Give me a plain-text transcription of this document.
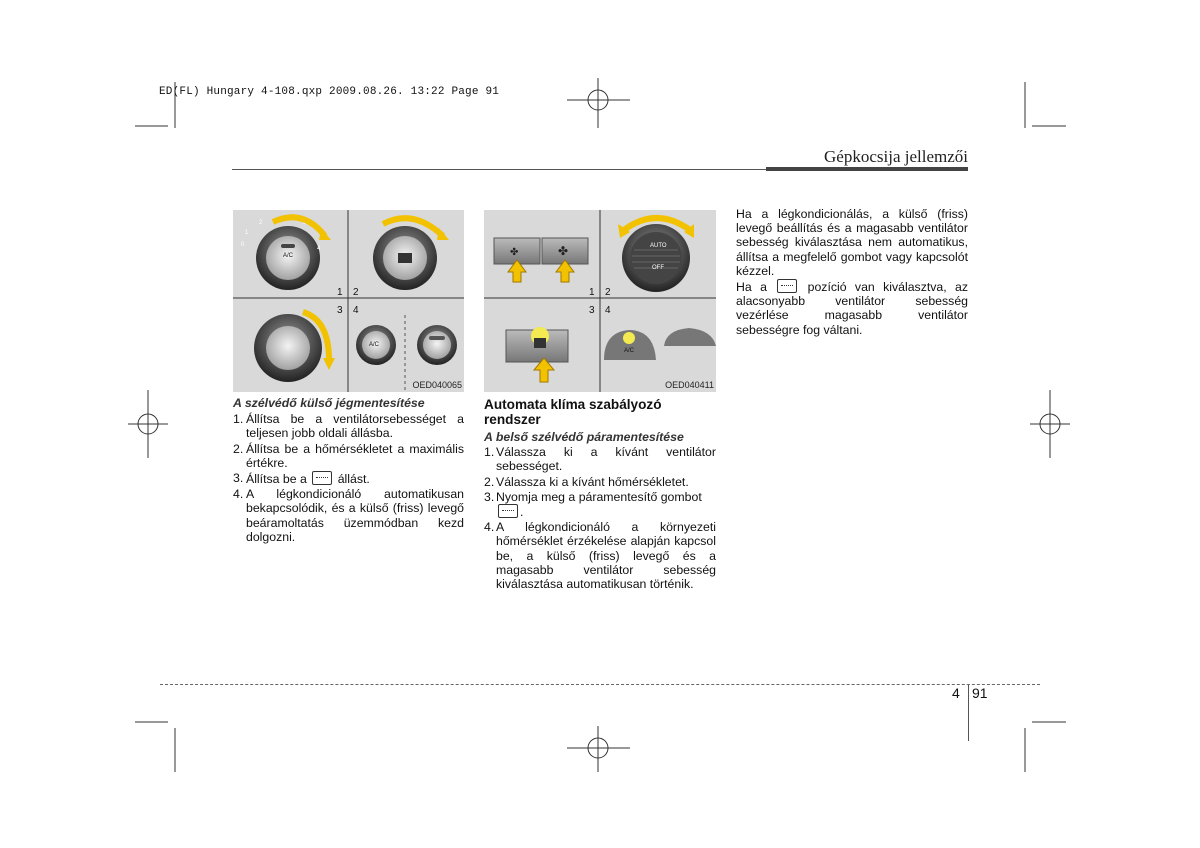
ED(FL) Hungary 4-108.qxp 2009.08.26. 13:22 Page 91
Gépkocsija jellemzői
0
1
2	3
4
A/C
A/C
1 2
3 4
OED040065
✤	✤	AUTO
OFF
A/C
1 2
3 4
OED040411

A szélvédő külső jégmentesítése

1. Állítsa be a ventilátorsebességet a teljesen jobb oldali állásba.
2. Állítsa be a hőmérsékletet a maximális értékre.
3. Állítsa be a	állást.
4. A légkondicionáló automatikusan bekapcsolódik, és a külső (friss) levegő beáramoltatás üzemmódban kezd dolgozni.

Automata klíma szabályozó rendszer

A belső szélvédő páramentesítése

1. Válassza ki a kívánt ventilátor sebességet.
2. Válassza ki a kívánt hőmérsékletet.
3. Nyomja meg a páramentesítő gombot .
4. A légkondicionáló a környezeti hőmérséklet érzékelése alapján kapcsol be, a külső (friss) levegő és a magasabb ventilátor sebesség kiválasztása automatikusan történik.

Ha a légkondicionálás, a külső (friss) levegő beállítás és a magasabb ventilátor sebesség kiválasztása nem automatikus, állítsa a megfelelő gombot vagy kapcsolót kézzel.

Ha a	pozíció van kiválasztva, az alacsonyabb ventilátor sebesség vezérlése magasabb ventilátor sebességre fog váltani.

4 91
